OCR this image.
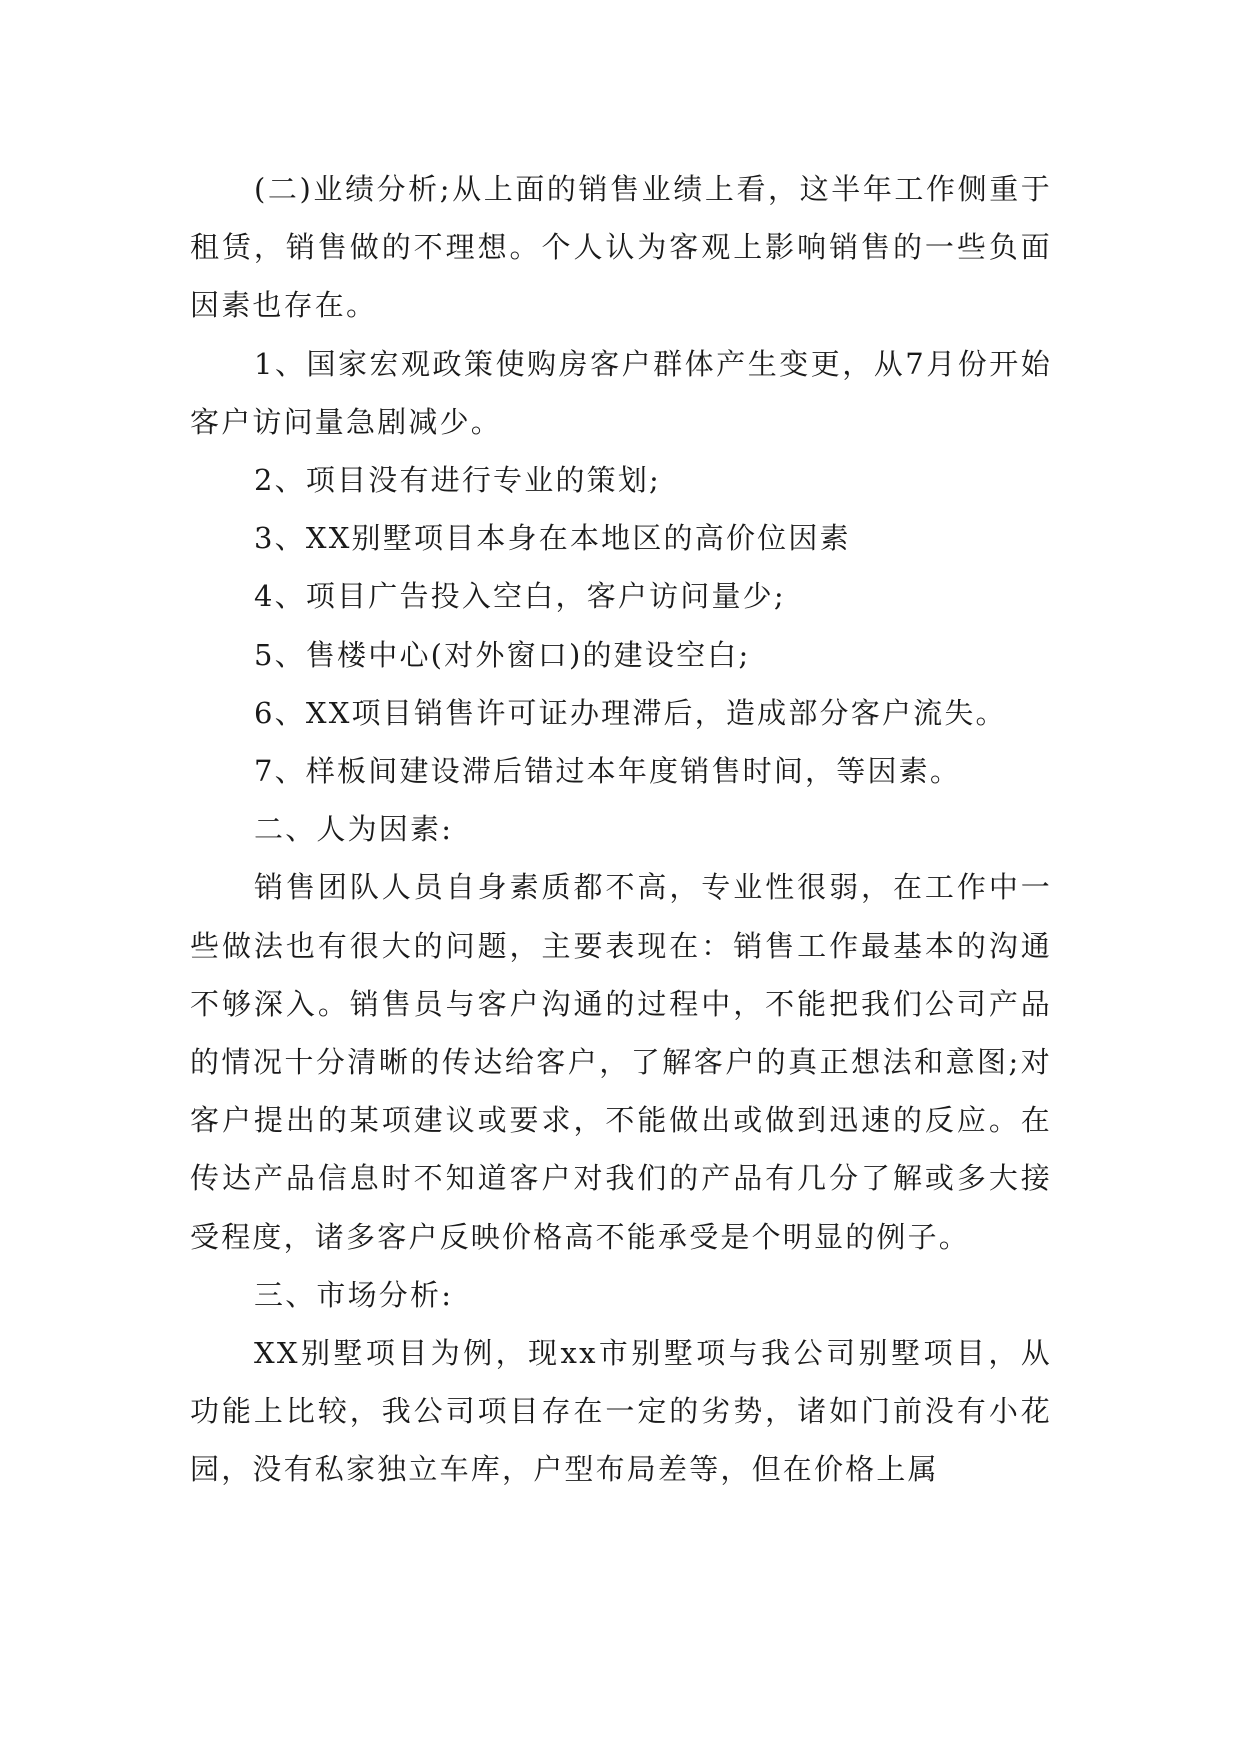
(二)业绩分析;从上面的销售业绩上看，这半年工作侧重于租赁，销售做的不理想。个人认为客观上影响销售的一些负面因素也存在。

1、国家宏观政策使购房客户群体产生变更，从7月份开始客户访问量急剧减少。

2、项目没有进行专业的策划;

3、XX别墅项目本身在本地区的高价位因素

4、项目广告投入空白，客户访问量少;

5、售楼中心(对外窗口)的建设空白;

6、XX项目销售许可证办理滞后，造成部分客户流失。

7、样板间建设滞后错过本年度销售时间，等因素。

二、人为因素:

销售团队人员自身素质都不高，专业性很弱，在工作中一些做法也有很大的问题，主要表现在：销售工作最基本的沟通不够深入。销售员与客户沟通的过程中，不能把我们公司产品的情况十分清晰的传达给客户，了解客户的真正想法和意图;对客户提出的某项建议或要求，不能做出或做到迅速的反应。在传达产品信息时不知道客户对我们的产品有几分了解或多大接受程度，诸多客户反映价格高不能承受是个明显的例子。

三、市场分析:

XX别墅项目为例，现xx市别墅项与我公司别墅项目，从功能上比较，我公司项目存在一定的劣势，诸如门前没有小花园，没有私家独立车库，户型布局差等，但在价格上属
